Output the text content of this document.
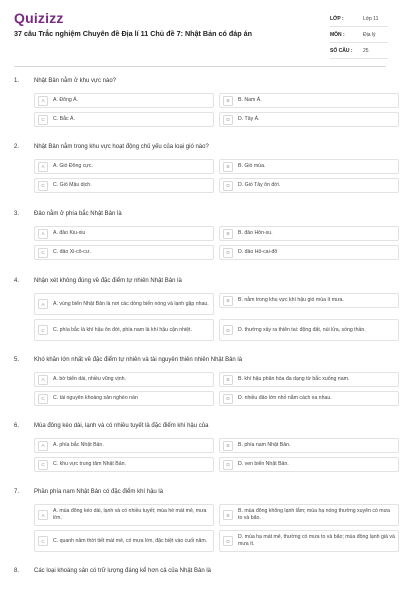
Quizizz
37 câu Trắc nghiệm Chuyên đề Địa lí 11 Chủ đề 7: Nhật Bản có đáp án
LỚP :	Lớp 11
MÔN :	Địa lý
SỐ CÂU :	25
1.	Nhật Bản nằm ở khu vực nào?
A	A. Đông Á.	B	B. Nam Á.
C	C. Bắc Á.	D	D. Tây Á.
2.	Nhật Bản nằm trong khu vực hoạt động chủ yếu của loại gió nào?
A	A. Gió Đông cực.	B	B. Gió mùa.
C	C. Gió Mậu dịch.	D	D. Gió Tây ôn đới.
3.	Đảo nằm ở phía bắc Nhật Bản là
A	A. đảo Kiu-xiu	B	B. đảo Hôn-su.
C	C. đảo Xi-cô-cư.	D	D. đảo Hô-cai-đô
4.	Nhận xét không đúng về đặc điểm tự nhiên Nhật Bản là
A	A. vùng biển Nhật Bản là nơi các dòng biển nóng và lạnh gặp nhau.
B	B. nằm trong khu vực khí hậu gió mùa ít mưa.
C	C. phía bắc là khí hậu ôn đới, phía nam là khí hậu cận nhiệt.	D	D. thường xảy ra thiên tai: động đất, núi lửa, sóng thần.
5.	Khó khăn lớn nhất về đặc điểm tự nhiên và tài nguyên thiên nhiên Nhật Bản là
A	A. bờ biển dài, nhiều vũng vịnh.	B	B. khí hậu phân hóa đa dạng từ bắc xuống nam.
C	C. tài nguyên khoáng sản nghèo nàn	D	D. nhiều đảo lớn nhỏ nằm cách xa nhau.
6.	Mùa đông kéo dài, lạnh và có nhiều tuyết là đặc điểm khí hậu của
A	A. phía bắc Nhật Bản.	B	B. phía nam Nhật Bản.
C	C. khu vực trung tâm Nhật Bản.	D	D. ven biển Nhật Bản.
7.	Phần phía nam Nhật Bản có đặc điểm khí hậu là
A
A. mùa đông kéo dài, lạnh và có nhiều tuyết; mùa hè mát mẻ, mưa lớn.	B
B. mùa đông không lạnh lắm; mùa hạ nóng thường xuyên có mưa to và bão.
C	C. quanh năm thời tiết mát mẻ, có mưa lớn, đặc biệt vào cuối năm.	D
D. mùa hạ mát mẻ, thường có mưa to và bão; mùa đông lạnh giá và mưa ít.
8.	Các loại khoáng sản có trữ lượng đáng kể hơn cả của Nhật Bản là
